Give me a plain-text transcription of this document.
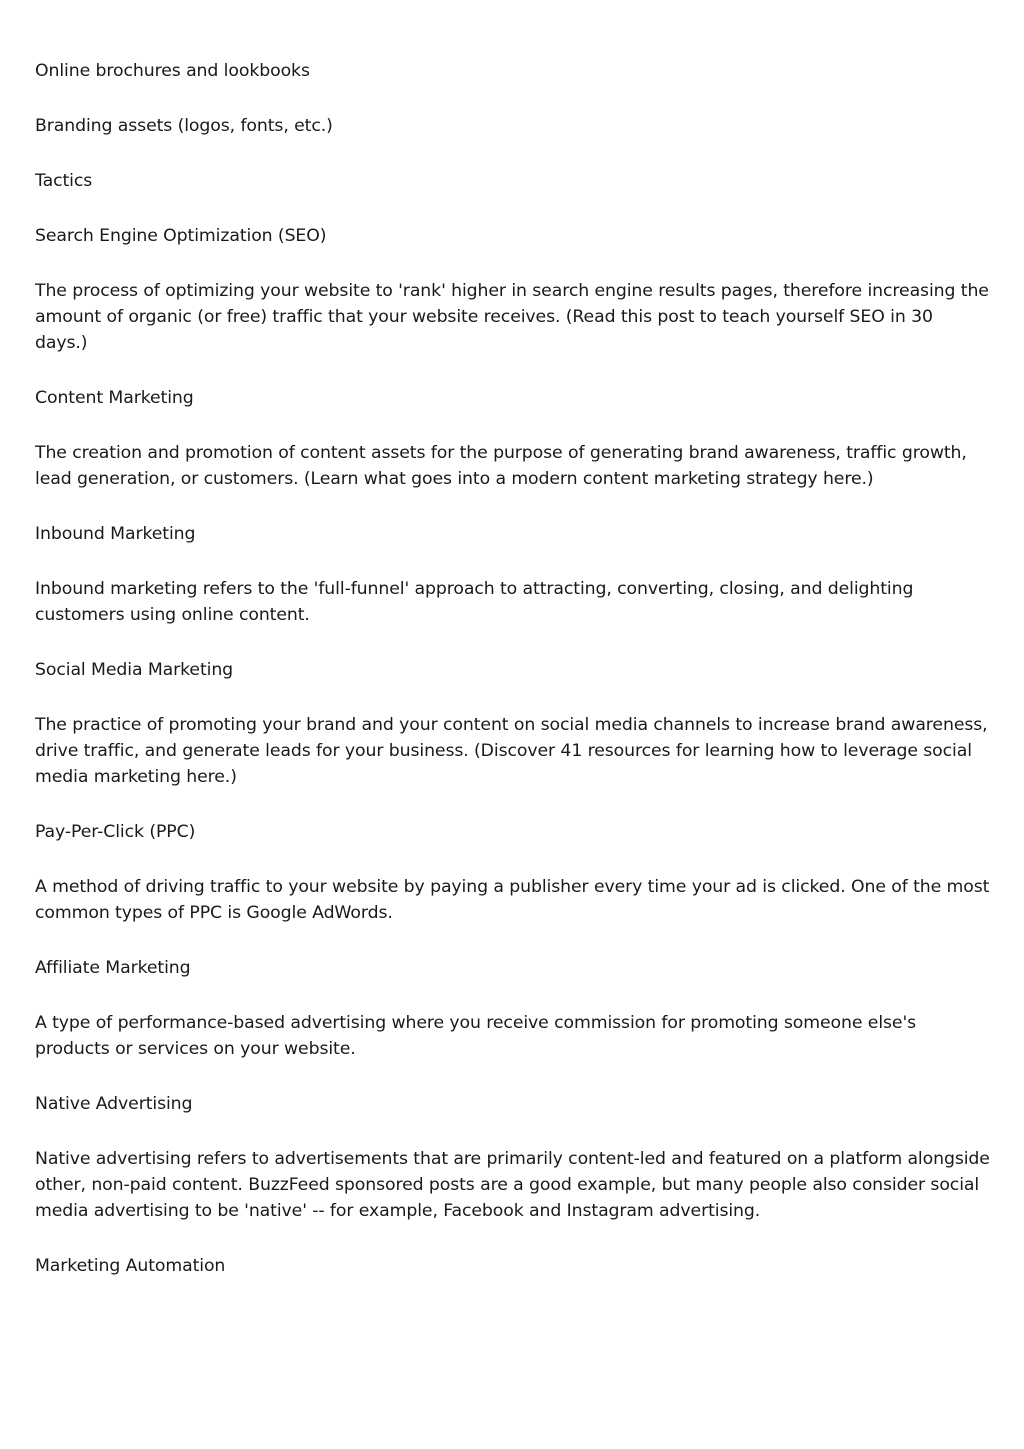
Online brochures and lookbooks

Branding assets (logos, fonts, etc.)

Tactics

Search Engine Optimization (SEO)

The process of optimizing your website to 'rank' higher in search engine results pages, therefore increasing the amount of organic (or free) traffic that your website receives. (Read this post to teach yourself SEO in 30 days.)

Content Marketing

The creation and promotion of content assets for the purpose of generating brand awareness, traffic growth, lead generation, or customers. (Learn what goes into a modern content marketing strategy here.)

Inbound Marketing

Inbound marketing refers to the 'full-funnel' approach to attracting, converting, closing, and delighting customers using online content.

Social Media Marketing

The practice of promoting your brand and your content on social media channels to increase brand awareness, drive traffic, and generate leads for your business. (Discover 41 resources for learning how to leverage social media marketing here.)

Pay-Per-Click (PPC)

A method of driving traffic to your website by paying a publisher every time your ad is clicked. One of the most common types of PPC is Google AdWords.

Affiliate Marketing

A type of performance-based advertising where you receive commission for promoting someone else's products or services on your website.

Native Advertising

Native advertising refers to advertisements that are primarily content-led and featured on a platform alongside other, non-paid content. BuzzFeed sponsored posts are a good example, but many people also consider social media advertising to be 'native' -- for example, Facebook and Instagram advertising.

Marketing Automation
